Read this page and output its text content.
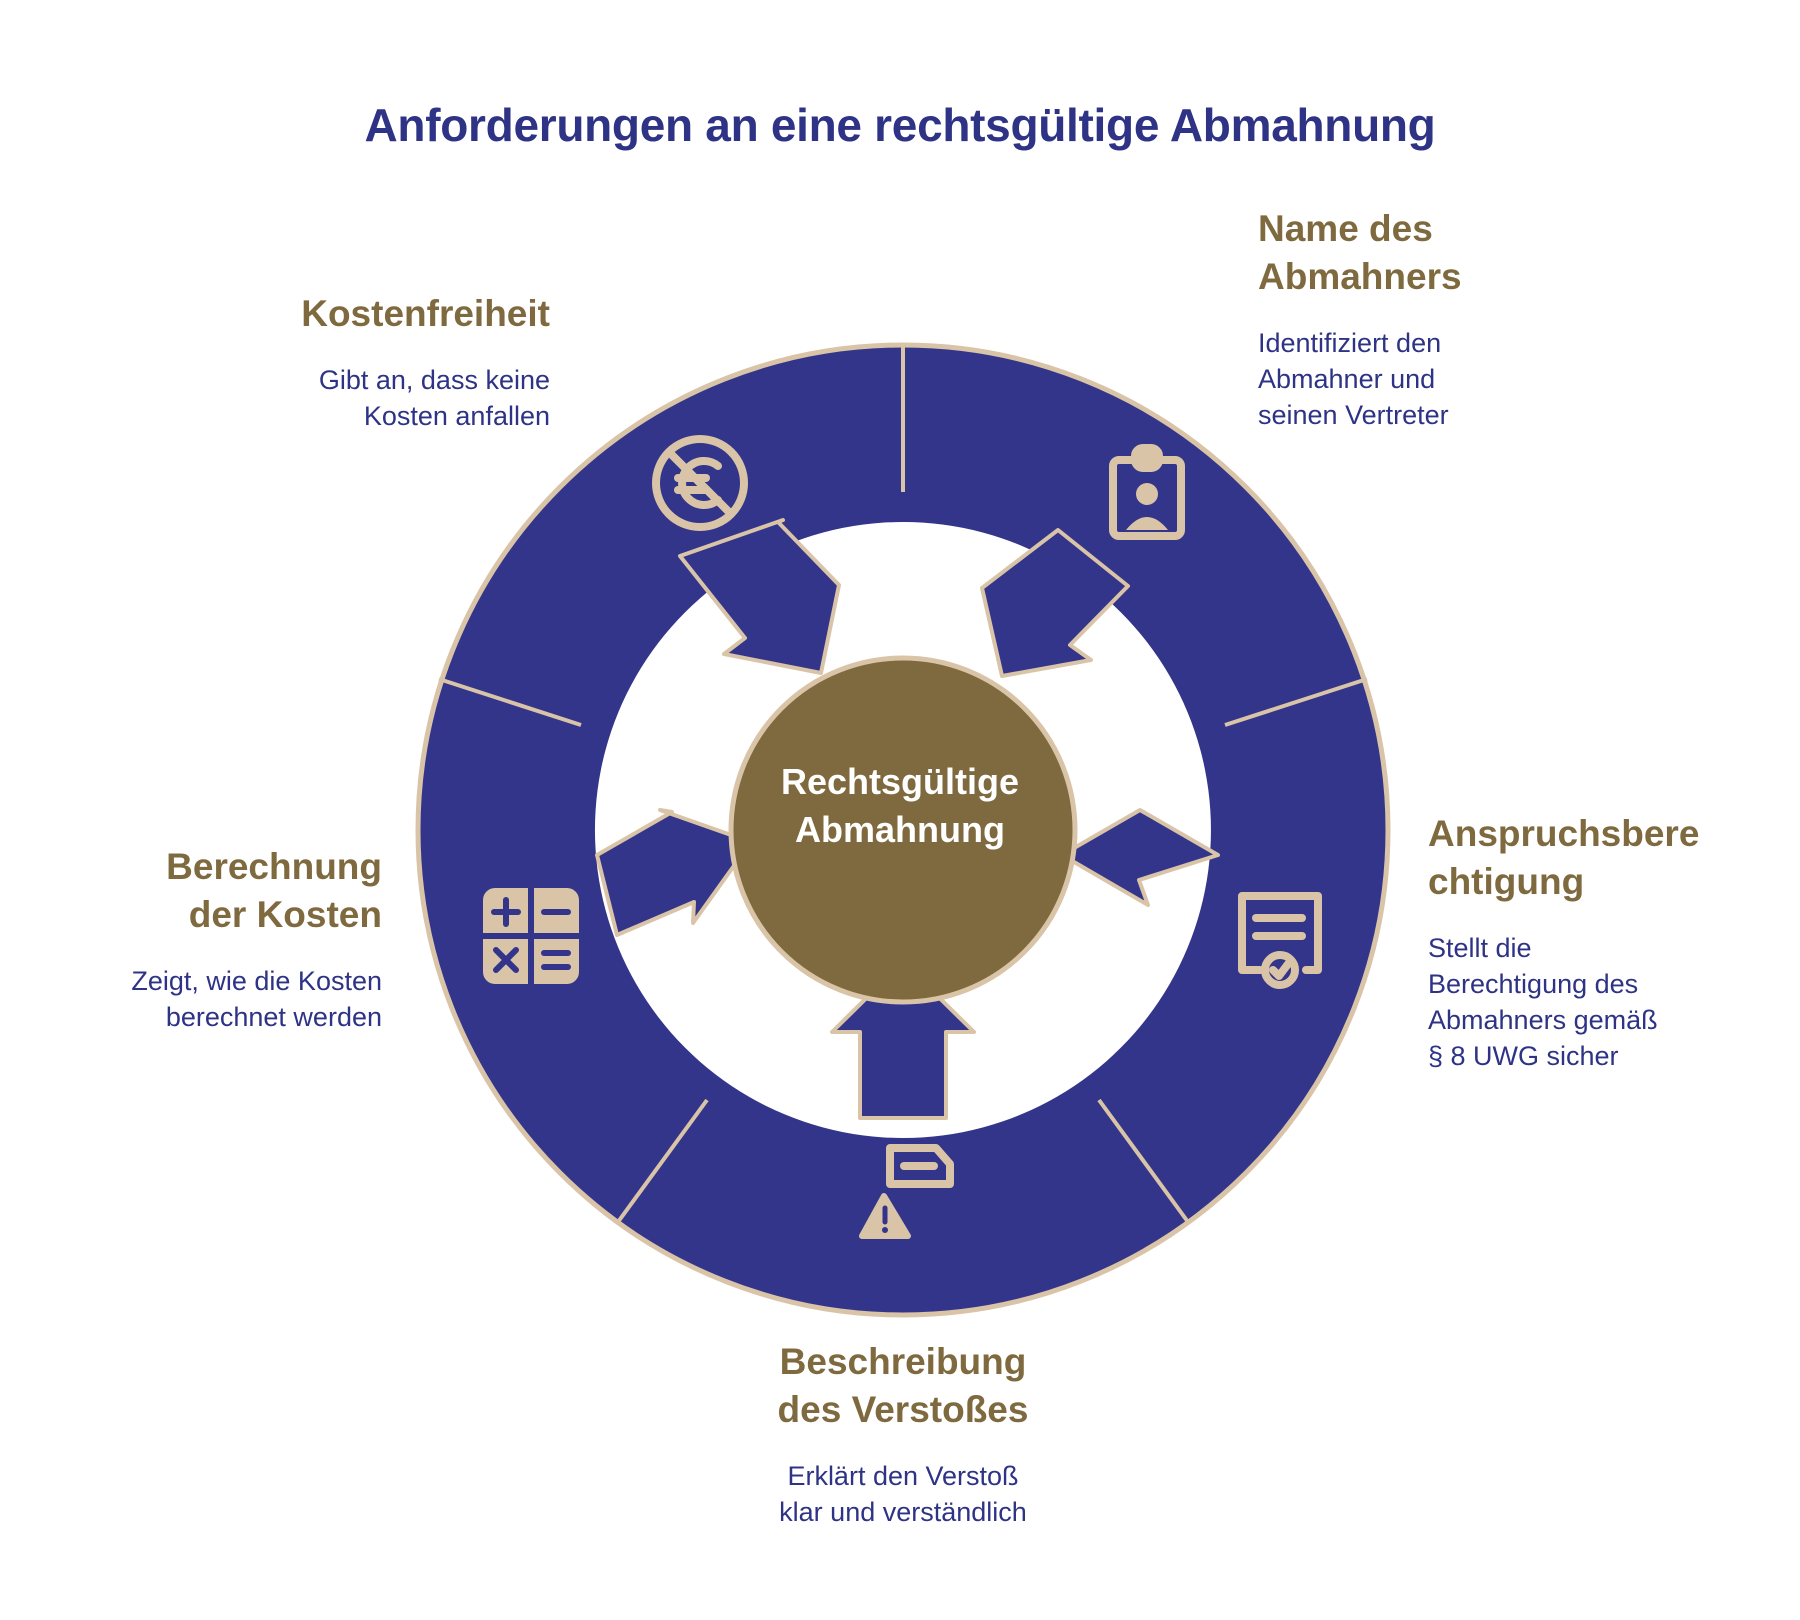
Anforderungen an eine rechtsgültige Abmahnung
Rechtsgültige
Abmahnung
Kostenfreiheit
Gibt an, dass keine
Kosten anfallen
Name des
Abmahners
Identifiziert den
Abmahner und
seinen Vertreter
Anspruchsbere
chtigung
Stellt die
Berechtigung des
Abmahners gemäß
§ 8 UWG sicher
Beschreibung
des Verstoßes
Erklärt den Verstoß
klar und verständlich
Berechnung
der Kosten
Zeigt, wie die Kosten
berechnet werden
